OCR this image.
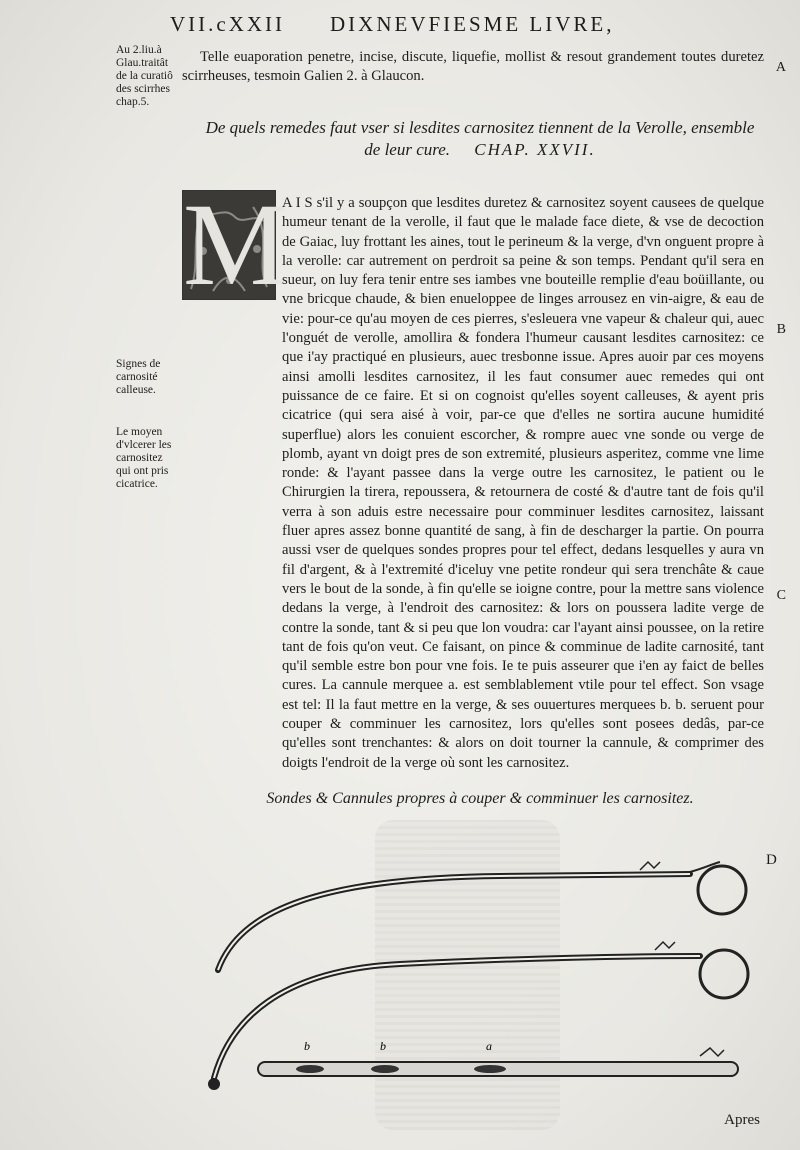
VII.cXXII DIXNEVFIESME LIVRE,
Au 2.liu.à Glau.traitât de la curatiô des scirrhes chap.5.
Signes de carnosité calleuse.
Le moyen d'vlcerer les carnositez qui ont pris cicatrice.
A
B
C
D

Telle euaporation penetre, incise, discute, liquefie, mollist & resout grandement toutes duretez scirrheuses, tesmoin Galien 2. à Glaucon.

De quels remedes faut vser si lesdites carnositez tiennent de la Verolle, ensemble de leur cure. CHAP. XXVII.

M

A I S s'il y a soupçon que lesdites duretez & carnositez soyent causees de quelque humeur tenant de la verolle, il faut que le malade face diete, & vse de decoction de Gaiac, luy frottant les aines, tout le perineum & la verge, d'vn onguent propre à la verolle: car autrement on perdroit sa peine & son temps. Pendant qu'il sera en sueur, on luy fera tenir entre ses iambes vne bouteille remplie d'eau boüillante, ou vne bricque chaude, & bien enueloppee de linges arrousez en vin-aigre, & eau de vie: pour-ce qu'au moyen de ces pierres, s'esleuera vne vapeur & chaleur qui, auec l'onguét de verolle, amollira & fondera l'humeur causant lesdites carnositez: ce que i'ay practiqué en plusieurs, auec tresbonne issue. Apres auoir par ces moyens ainsi amolli lesdites carnositez, il les faut consumer auec remedes qui ont puissance de ce faire. Et si on cognoist qu'elles soyent calleuses, & ayent pris cicatrice (qui sera aisé à voir, par-ce que d'elles ne sortira aucune humidité superflue) alors les conuient escorcher, & rompre auec vne sonde ou verge de plomb, ayant vn doigt pres de son extremité, plusieurs asperitez, comme vne lime ronde: & l'ayant passee dans la verge outre les carnositez, le patient ou le Chirurgien la tirera, repoussera, & retournera de costé & d'autre tant de fois qu'il verra à son aduis estre necessaire pour comminuer lesdites carnositez, laissant fluer apres assez bonne quantité de sang, à fin de descharger la partie. On pourra aussi vser de quelques sondes propres pour tel effect, dedans lesquelles y aura vn fil d'argent, & à l'extremité d'iceluy vne petite rondeur qui sera trenchâte & caue vers le bout de la sonde, à fin qu'elle se ioigne contre, pour la mettre sans violence dedans la verge, à l'endroit des carnositez: & lors on poussera ladite verge de contre la sonde, tant & si peu que lon voudra: car l'ayant ainsi poussee, on la retire tant de fois qu'on veut. Ce faisant, on pince & comminue de ladite carnosité, tant qu'il semble estre bon pour vne fois. Ie te puis asseurer que i'en ay faict de belles cures. La cannule merquee a. est semblablement vtile pour tel effect. Son vsage est tel: Il la faut mettre en la verge, & ses ouuertures merquees b. b. seruent pour couper & comminuer les carnositez, lors qu'elles sont posees dedâs, par-ce qu'elles sont trenchantes: & alors on doit tourner la cannule, & comprimer des doigts l'endroit de la verge où sont les carnositez.

Sondes & Cannules propres à couper & comminuer les carnositez.
b	b	a
Apres
